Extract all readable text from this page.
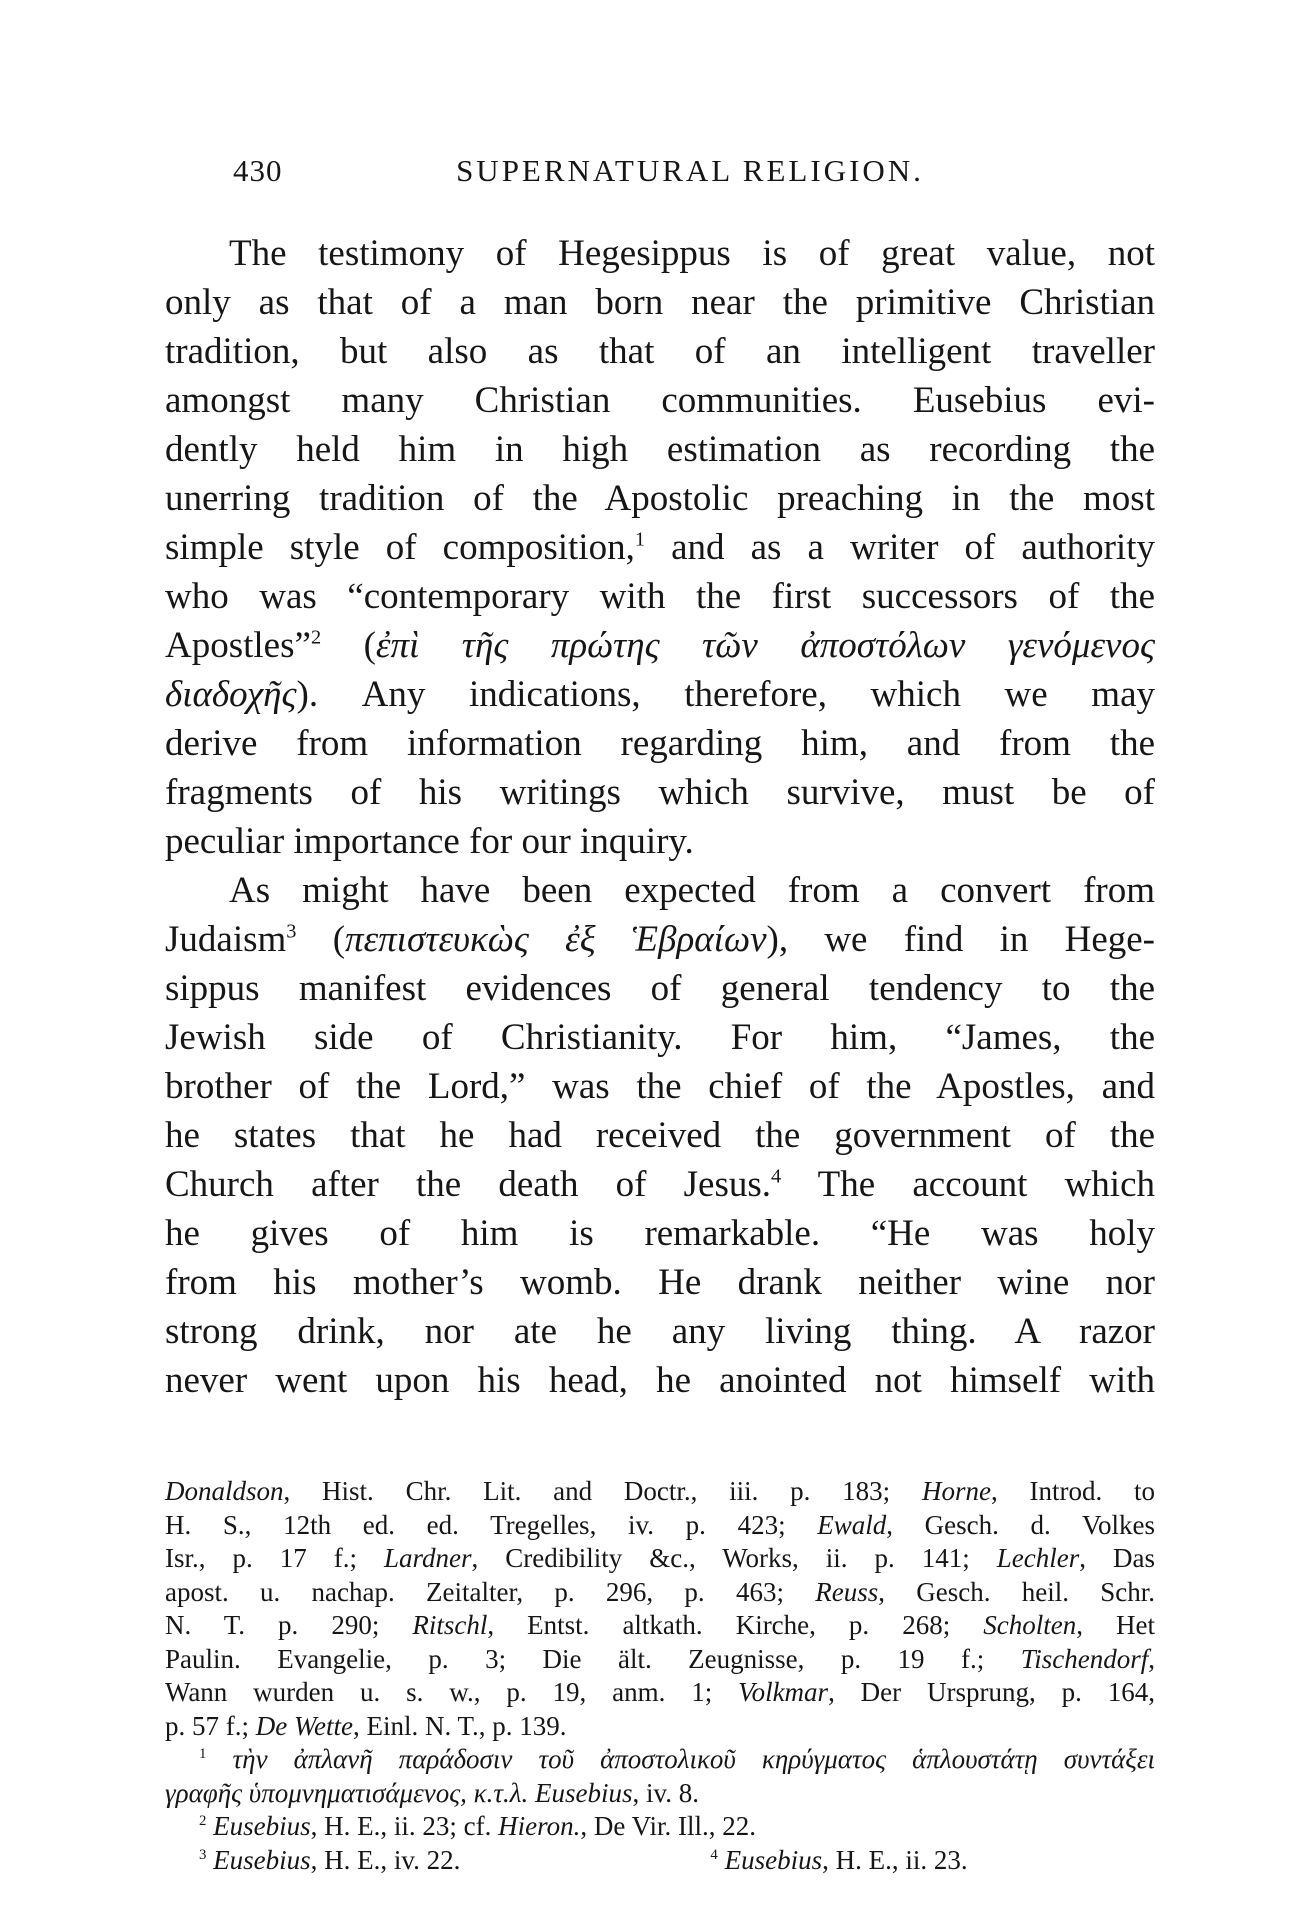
430	SUPERNATURAL RELIGION.
The testimony of Hegesippus is of great value, not
only as that of a man born near the primitive Christian
tradition, but also as that of an intelligent traveller
amongst many Christian communities. Eusebius evi-
dently held him in high estimation as recording the
unerring tradition of the Apostolic preaching in the most
simple style of composition,$^1$ and as a writer of authority
who was “contemporary with the first successors of the
Apostles”$^2$ (ἐπὶ τῆς πρώτης τῶν ἀποστόλων γενόμενος
διαδοχῆς). Any indications, therefore, which we may
derive from information regarding him, and from the
fragments of his writings which survive, must be of
peculiar importance for our inquiry.
As might have been expected from a convert from
Judaism$^3$ (πεπιστευκὼς ἐξ Ἑβραίων), we find in Hege-
sippus manifest evidences of general tendency to the
Jewish side of Christianity. For him, “James, the
brother of the Lord,” was the chief of the Apostles, and
he states that he had received the government of the
Church after the death of Jesus.$^4$ The account which
he gives of him is remarkable. “He was holy
from his mother’s womb. He drank neither wine nor
strong drink, nor ate he any living thing. A razor
never went upon his head, he anointed not himself with
Donaldson, Hist. Chr. Lit. and Doctr., iii. p. 183; Horne, Introd. to
H. S., 12th ed. ed. Tregelles, iv. p. 423; Ewald, Gesch. d. Volkes
Isr., p. 17 f.; Lardner, Credibility &c., Works, ii. p. 141; Lechler, Das
apost. u. nachap. Zeitalter, p. 296, p. 463; Reuss, Gesch. heil. Schr.
N. T. p. 290; Ritschl, Entst. altkath. Kirche, p. 268; Scholten, Het
Paulin. Evangelie, p. 3; Die ält. Zeugnisse, p. 19 f.; Tischendorf,
Wann wurden u. s. w., p. 19, anm. 1; Volkmar, Der Ursprung, p. 164,
p. 57 f.; De Wette, Einl. N. T., p. 139.
$^1$ τὴν ἀπλανῆ παράδοσιν τοῦ ἀποστολικοῦ κηρύγματος ἁπλουστάτῃ συντάξει
γραφῆς ὑπομνηματισάμενος, κ.τ.λ. Eusebius, iv. 8.
$^2$ Eusebius, H. E., ii. 23; cf. Hieron., De Vir. Ill., 22.
$^3$ Eusebius, H. E., iv. 22.	$^4$ Eusebius, H. E., ii. 23.
